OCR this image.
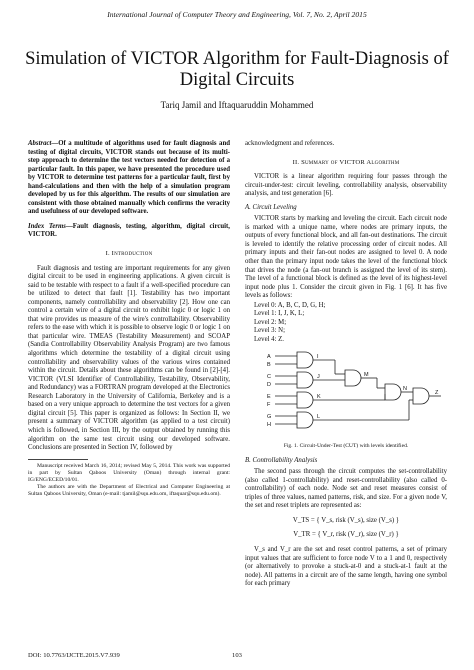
International Journal of Computer Theory and Engineering, Vol. 7, No. 2, April 2015
Simulation of VICTOR Algorithm for Fault-Diagnosis of Digital Circuits
Tariq Jamil and Iftaquaruddin Mohammed

Abstract—Of a multitude of algorithms used for fault diagnosis and testing of digital circuits, VICTOR stands out because of its multi-step approach to determine the test vectors needed for detection of a particular fault. In this paper, we have presented the procedure used by VICTOR to determine test patterns for a particular fault, first by hand-calculations and then with the help of a simulation program developed by us for this algorithm. The results of our simulation are consistent with those obtained manually which confirms the veracity and usefulness of our developed software.

Index Terms—Fault diagnosis, testing, algorithm, digital circuit, VICTOR.

I. Introduction

Fault diagnosis and testing are important requirements for any given digital circuit to be used in engineering applications. A given circuit is said to be testable with respect to a fault if a well-specified procedure can be utilized to detect that fault [1]. Testability has two important components, namely controllability and observability [2]. How one can control a certain wire of a digital circuit to exhibit logic 0 or logic 1 on that wire provides us measure of the wire's controllability. Observability refers to the ease with which it is possible to observe logic 0 or logic 1 on that particular wire. TMEAS (Testability Measurement) and SCOAP (Sandia Controllability Observability Analysis Program) are two famous algorithms which determine the testability of a digital circuit using controllability and observability values of the various wires contained within the circuit. Details about these algorithms can be found in [2]-[4]. VICTOR (VLSI Identifier of Controllability, Testability, Observability, and Redundancy) was a FORTRAN program developed at the Electronics Research Laboratory in the University of California, Berkeley and is a based on a very unique approach to determine the test vectors for a given digital circuit [5]. This paper is organized as follows: In Section II, we present a summary of VICTOR algorithm (as applied to a test circuit) which is followed, in Section III, by the output obtained by running this algorithm on the same test circuit using our developed software. Conclusions are presented in Section IV, followed by

Manuscript received March 16, 2014; revised May 5, 2014. This work was supported in part by Sultan Qaboos University (Oman) through internal grant: IG/ENG/ECED/10/01.

The authors are with the Department of Electrical and Computer Engineering at Sultan Qaboos University, Oman (e-mail: tjamil@squ.edu.om, iftaquar@squ.edu.om).

acknowledgment and references.

II. Summary of VICTOR Algorithm

VICTOR is a linear algorithm requiring four passes through the circuit-under-test: circuit leveling, controllability analysis, observability analysis, and test generation [6].

A. Circuit Leveling

VICTOR starts by marking and leveling the circuit. Each circuit node is marked with a unique name, where nodes are primary inputs, the outputs of every functional block, and all fan-out destinations. The circuit is leveled to identify the relative processing order of circuit nodes. All primary inputs and their fan-out nodes are assigned to level 0. A node other than the primary input node takes the level of the functional block that drives the node (a fan-out branch is assigned the level of its stem). The level of a functional block is defined as the level of its highest-level input node plus 1. Consider the circuit given in Fig. 1 [6]. It has five levels as follows:

Level 0: A, B, C, D, G, H;
Level 1: I, J, K, L;
Level 2: M;
Level 3: N;
Level 4: Z.
A
B
C
D
E
F
G
H
I
J
K
L
M
N
Z
Fig. 1. Circuit-Under-Test (CUT) with levels identified.
B. Controllability Analysis

The second pass through the circuit computes the set-controllability (also called 1-controllability) and reset-controllability (also called 0-controllability) of each node. Node set and reset measures consist of triples of three values, named patterns, risk, and size. For a given node V, the set and reset triplets are represented as:

V_TS = { V_s, risk (V_s), size (V_s) }
V_TR = { V_r, risk (V_r), size (V_r) }

V_s and V_r are the set and reset control patterns, a set of primary input values that are sufficient to force node V to a 1 and 0, respectively (or alternatively to provoke a stuck-at-0 and a stuck-at-1 fault at the node). All patterns in a circuit are of the same length, having one symbol for each primary

DOI: 10.7763/IJCTE.2015.V7.939	103
